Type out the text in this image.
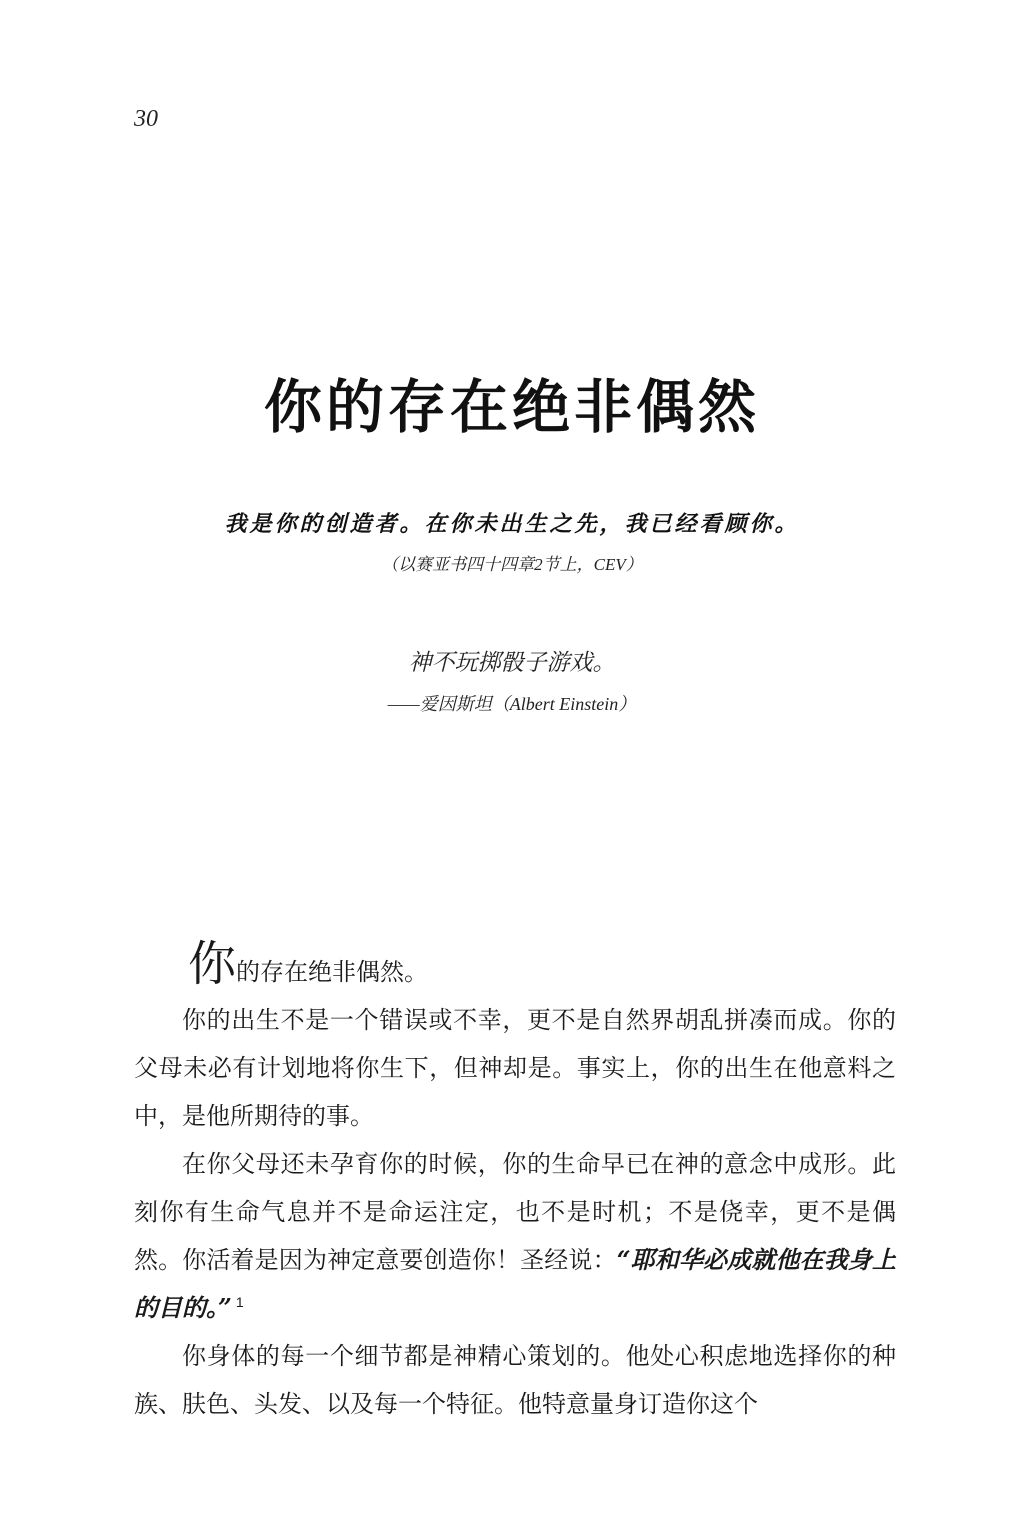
30
你的存在绝非偶然
我是你的创造者。在你未出生之先，我已经看顾你。
（以赛亚书四十四章2节上，CEV）
神不玩掷骰子游戏。
——爱因斯坦（Albert Einstein）

你的存在绝非偶然。

你的出生不是一个错误或不幸，更不是自然界胡乱拼凑而成。你的父母未必有计划地将你生下，但神却是。事实上，你的出生在他意料之中，是他所期待的事。

在你父母还未孕育你的时候，你的生命早已在神的意念中成形。此刻你有生命气息并不是命运注定，也不是时机；不是侥幸，更不是偶然。你活着是因为神定意要创造你！圣经说：“耶和华必成就他在我身上的目的。” $^1$

你身体的每一个细节都是神精心策划的。他处心积虑地选择你的种族、肤色、头发、以及每一个特征。他特意量身订造你这个
